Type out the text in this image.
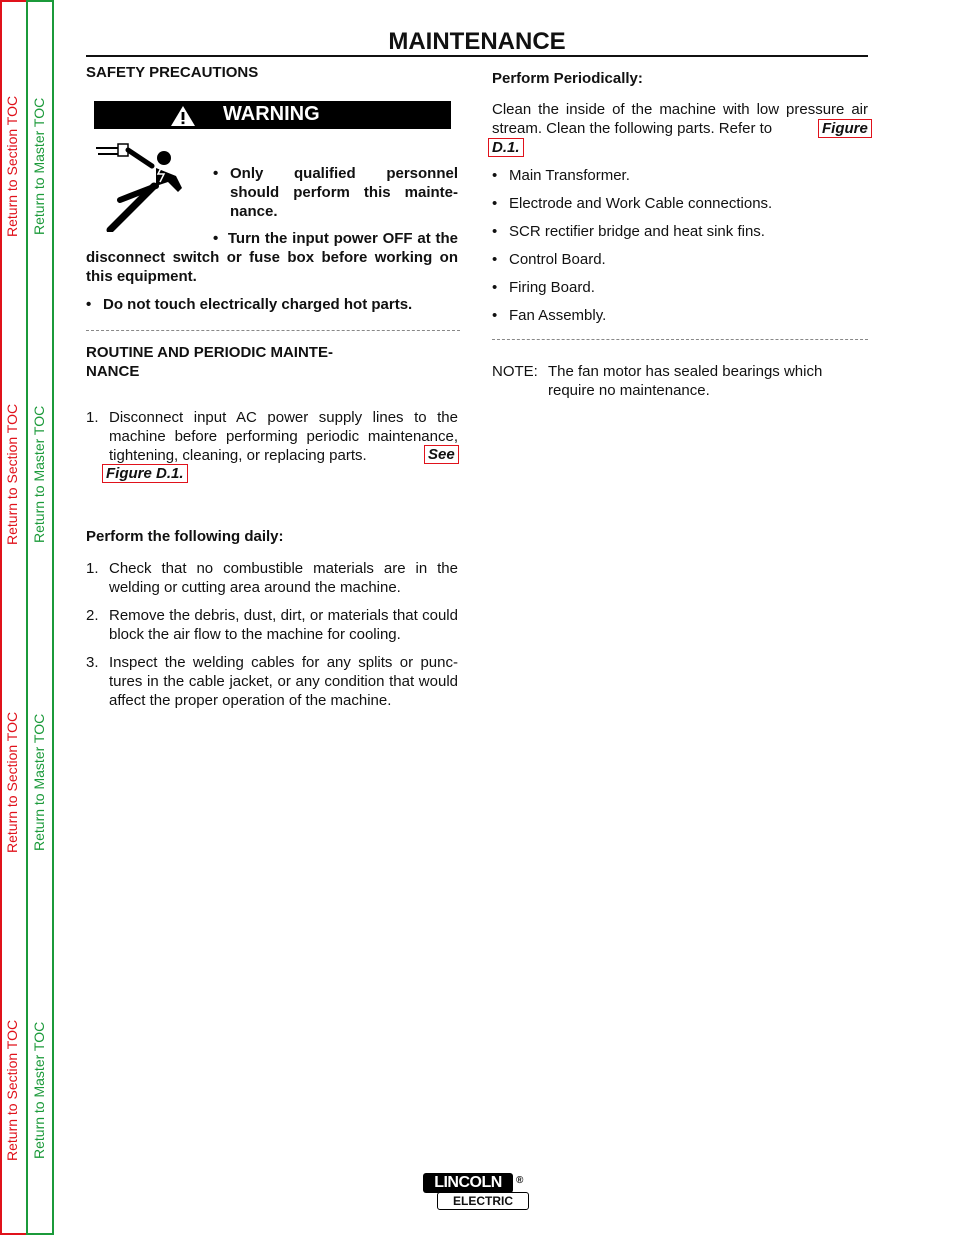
Return to Section TOC
Return to Section TOC
Return to Section TOC
Return to Section TOC
Return to Master TOC
Return to Master TOC
Return to Master TOC
Return to Master TOC
MAINTENANCE
SAFETY PRECAUTIONS
WARNING
• Only qualified personnel should perform this mainte-nance.
•  Turn the input power OFF at the disconnect switch or fuse box before working on this equipment.
• Do not touch electrically charged hot parts.
ROUTINE AND PERIODIC MAINTE-
NANCE
1. Disconnect input AC power supply lines to the machine before performing periodic maintenance, tightening, cleaning, or replacing parts.	See
Figure D.1.
Perform the following daily:
1. Check that no combustible materials are in the welding or cutting area around the machine.
2. Remove the debris, dust, dirt, or materials that could block the air flow to the machine for cooling.
3. Inspect the welding cables for any splits or punc-tures in the cable jacket, or any condition that would affect the proper operation of the machine.
Perform Periodically:
Clean the inside of the machine with low pressure air stream. Clean the following parts. Refer to	Figure
D.1.
• Main Transformer.
• Electrode and Work Cable connections.
• SCR rectifier bridge and heat sink fins.
• Control Board.
• Firing Board.
• Fan Assembly.
NOTE: The fan motor has sealed bearings which require no maintenance.
LINCOLN	®
ELECTRIC
